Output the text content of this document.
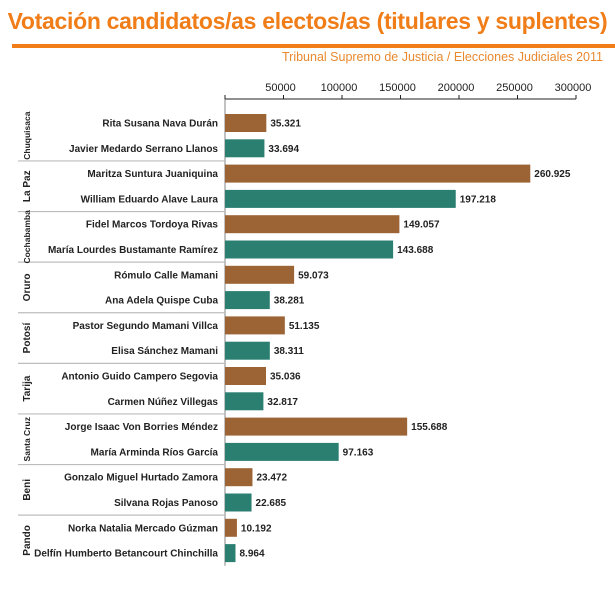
Votación candidatos/as electos/as (titulares y suplentes)
Tribunal Supremo de Justicia / Elecciones Judiciales 2011
50000 100000 150000 200000 250000 300000
Chuquisaca
La Paz
Cochabamba
Oruro
Potosí
Tarija
Santa Cruz
Beni
Pando
Rita Susana Nava Durán	35.321
Javier Medardo Serrano Llanos	33.694
Maritza Suntura Juaniquina	260.925
William Eduardo Alave Laura	197.218
Fidel Marcos Tordoya Rivas	149.057
María Lourdes Bustamante Ramírez	143.688
Rómulo Calle Mamani	59.073
Ana Adela Quispe Cuba	38.281
Pastor Segundo Mamani Villca	51.135
Elisa Sánchez Mamani	38.311
Antonio Guido Campero Segovia	35.036
Carmen Núñez Villegas	32.817
Jorge Isaac Von Borries Méndez	155.688
María Arminda Ríos García	97.163
Gonzalo Miguel Hurtado Zamora	23.472
Silvana Rojas Panoso	22.685
Norka Natalia Mercado Gúzman 10.192
Delfín Humberto Betancourt Chinchilla 8.964
